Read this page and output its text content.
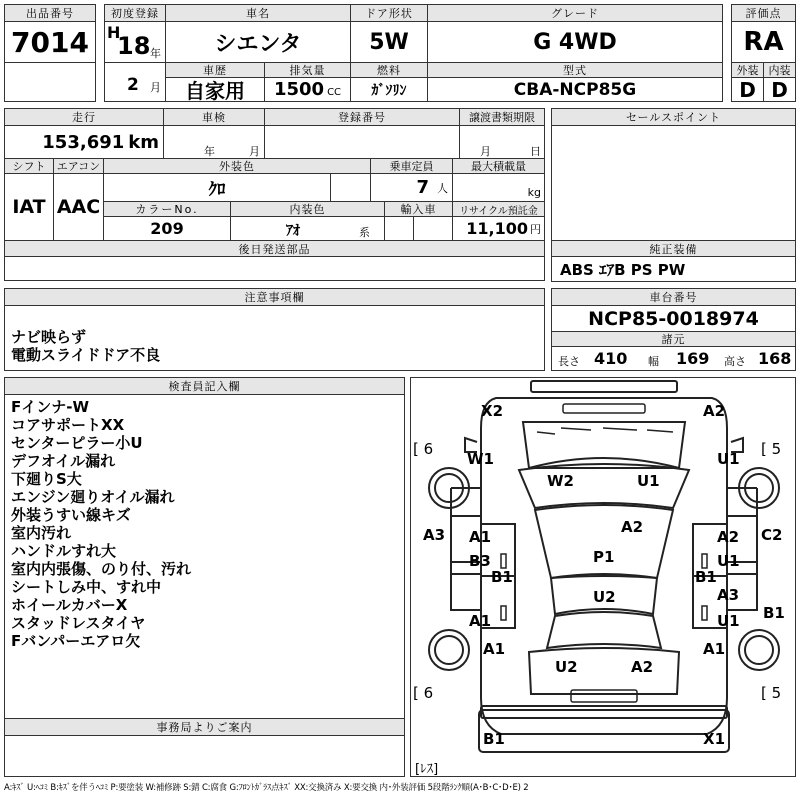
出品番号
7014
初度登録
H
18 年
2 月
車名
シエンタ
ドア形状
5W
グレード
G 4WD
評価点
RA
車歴
自家用
排気量
1500 CC
燃料
ｶﾞｿﾘﾝ
型式
CBA-NCP85G
外装 内装
D D
走行
153,691 km
車検
年	月
登録番号	譲渡書類期限
月	日
シフト
IAT
エアコン
AAC
外装色
ｸﾛ
乗車定員
7 人
最大積載量
kg
カラーNo.
209
内装色
ｱｵ	系
輸入車	リサイクル預託金
11,100 円
後日発送部品
セールスポイント
純正装備
ABS ｴｱB PS PW
注意事項欄
ナビ映らず
電動スライドドア不良
車台番号
NCP85-0018974
諸元
長さ 410 幅 169 高さ 168
検査員記入欄
Fインナ-W
コアサポートXX
センターピラー小U
デフオイル漏れ
下廻りS大
エンジン廻りオイル漏れ
外装うすい線キズ
室内汚れ
ハンドルすれ大
室内内張傷、のり付、汚れ
シートしみ中、すれ中
ホイールカバーX
スタッドレスタイヤ
Fバンパーエアロ欠
事務局よりご案内
X2	A2
W1	U1
W2	U1
A3	C2
A1
A2
A2
B3	P1	U1
B1	B1
A3
A1
U2
U1 B1
A1	A1
U2	A2
B1	X1
[ 6	[ 5
[ 6	[ 5
[ﾚｽ]
A:ｷｽﾞ U:ﾍｺﾐ B:ｷｽﾞを伴うﾍｺﾐ P:要塗装 W:補修跡 S:錆 C:腐食 G:ﾌﾛﾝﾄｶﾞﾗｽ点ｷｽﾞ XX:交換済み X:要交換 内･外装評価 5段階ﾗﾝｸ順(A･B･C･D･E) 2
